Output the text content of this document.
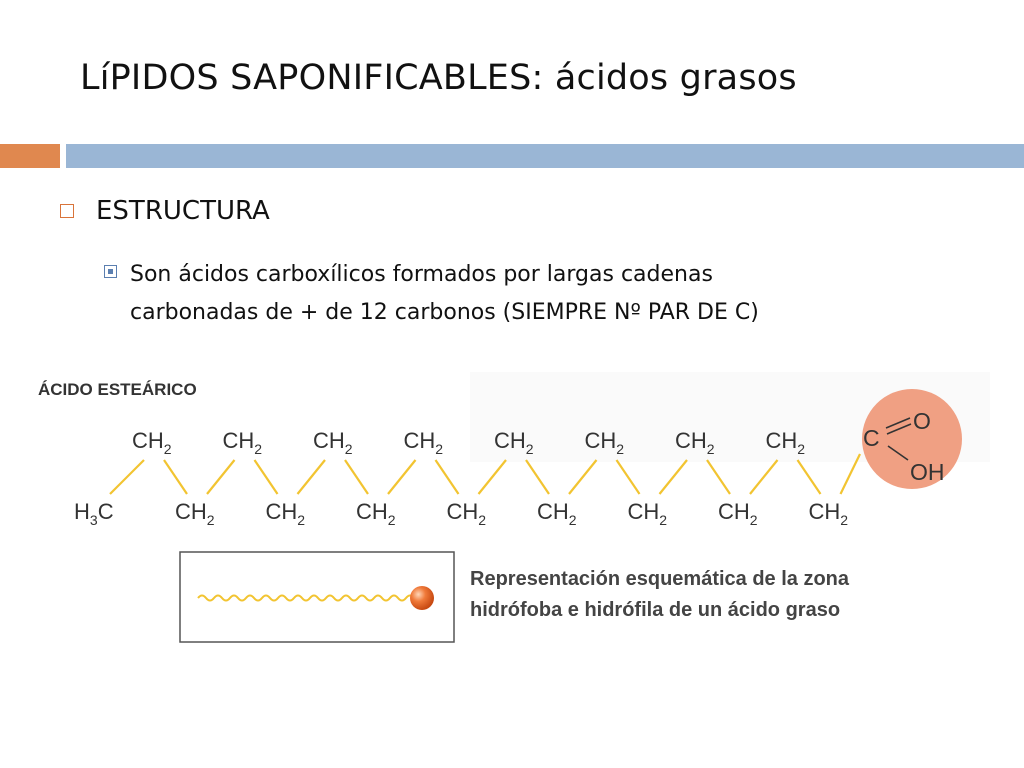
LíPIDOS SAPONIFICABLES: ácidos grasos
ESTRUCTURA
Son ácidos carboxílicos formados por largas cadenas
carbonadas de + de 12 carbonos (SIEMPRE Nº PAR DE C)
ÁCIDO ESTEÁRICO
$CH_2$ $CH_2$ $CH_2$ $CH_2$ $CH_2$ $CH_2$ $CH_2$ $CH_2$
$CH_2$ $CH_2$ $CH_2$ $CH_2$ $CH_2$ $CH_2$ $CH_2$ $CH_2$
$H_3C$
C
O
OH
Representación esquemática de la zona
hidrófoba e hidrófila de un ácido graso
